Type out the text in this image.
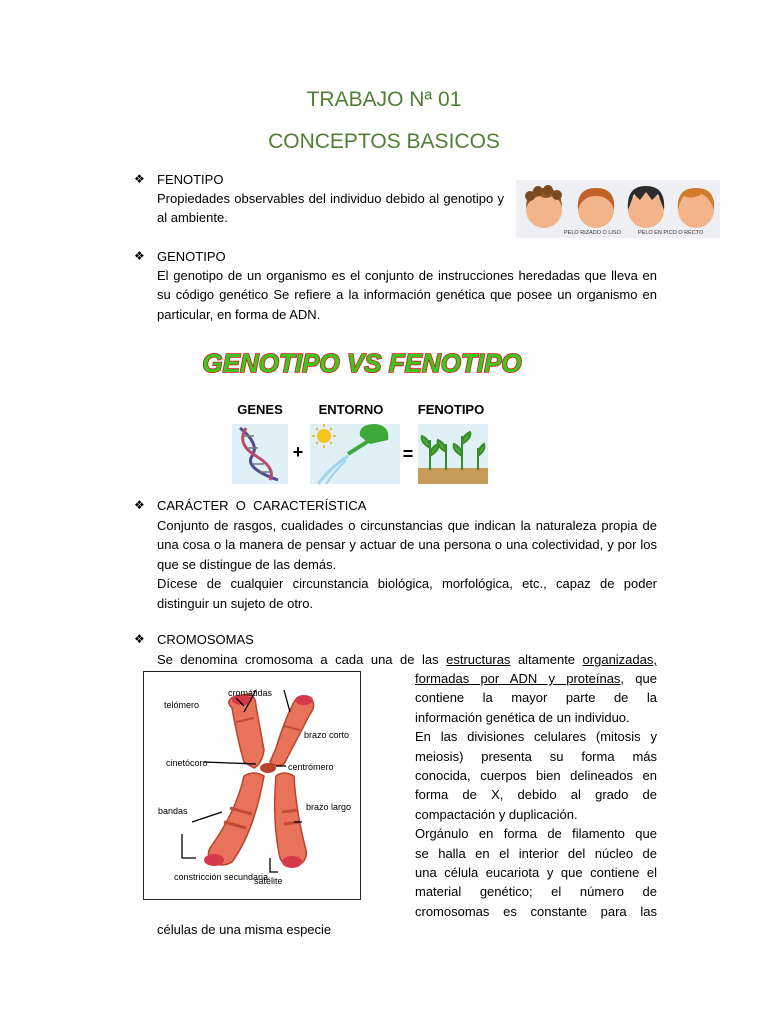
TRABAJO Nª 01
CONCEPTOS BASICOS
❖ FENOTIPO
Propiedades observables del individuo debido al genotipo y al ambiente.
PELO RIZADO O LISO	PELO EN PICO O RECTO
❖ GENOTIPO
El genotipo de un organismo es el conjunto de instrucciones heredadas que lleva en su código genético Se refiere a la información genética que posee un organismo en particular, en forma de ADN.
GENOTIPO VS FENOTIPO
GENES	ENTORNO	FENOTIPO
+	=
❖ CARÁCTER  O  CARACTERÍSTICA

Conjunto de rasgos, cualidades o circunstancias que indican la naturaleza propia de una cosa o la manera de pensar y actuar de una persona o una colectividad, y por los que se distingue de las demás.

Dícese de cualquier circunstancia biológica, morfológica, etc., capaz de poder distinguir un sujeto de otro.

❖ CROMOSOMAS
Se denomina cromosoma a cada una de las estructuras altamente organizadas,
formadas por ADN y proteínas, que
contiene la mayor parte de la
información genética de un individuo.
En las divisiones celulares (mitosis y
meiosis) presenta su forma más
conocida, cuerpos bien delineados en
forma de X, debido al grado de
compactación y duplicación.
Orgánulo en forma de filamento que
se halla en el interior del núcleo de
una célula eucariota y que contiene el
material genético; el número de
cromosomas es constante para las
células de una misma especie
cromátidas
telómero
brazo corto
cinetócoro	centrómero
bandas	brazo largo
constricción secundaria
satélite
